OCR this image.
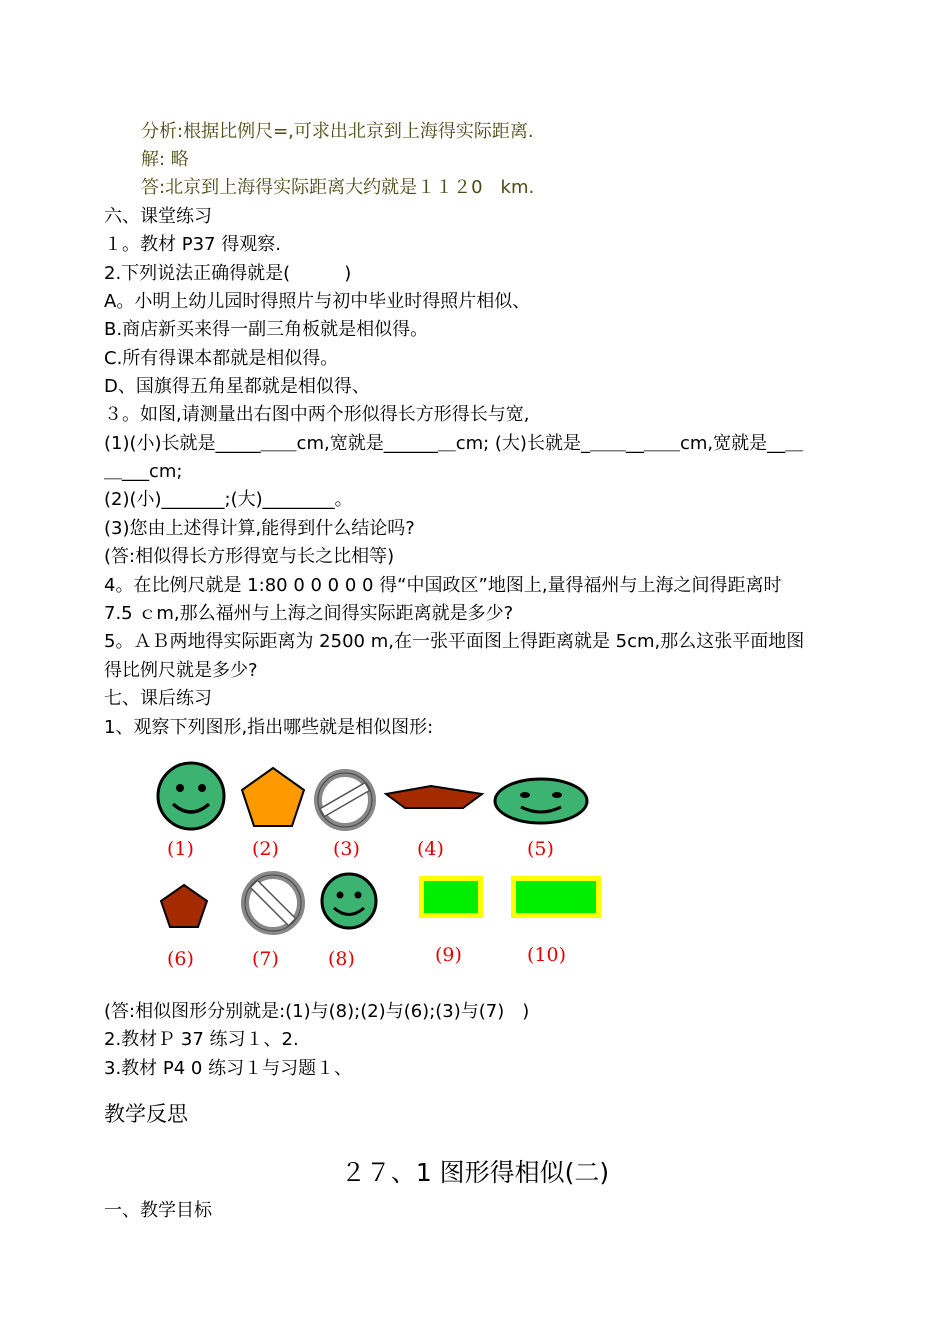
分析:根据比例尺=,可求出北京到上海得实际距离.
解: 略
答:北京到上海得实际距离大约就是１１２0　km.
六、课堂练习
１。教材 P37 得观察.
2.下列说法正确得就是(　　　)
A。小明上幼儿园时得照片与初中毕业时得照片相似、
B.商店新买来得一副三角板就是相似得。
C.所有得课本都就是相似得。
D、国旗得五角星都就是相似得、
３。如图,请测量出右图中两个形似得长方形得长与宽,
(1)(小)长就是_____＿＿cm,宽就是______＿cm; (大)长就是_＿＿__＿＿cm,宽就是__＿
＿___cm;
(2)(小)_______;(大)________。
(3)您由上述得计算,能得到什么结论吗?
(答:相似得长方形得宽与长之比相等)
4。在比例尺就是 1:80 0 0 0 0 0 得“中国政区”地图上,量得福州与上海之间得距离时
7.5 ｃm,那么福州与上海之间得实际距离就是多少?
5。ＡＢ两地得实际距离为 2500 m,在一张平面图上得距离就是 5cm,那么这张平面地图
得比例尺就是多少?
七、课后练习
1、观察下列图形,指出哪些就是相似图形:
(1)	(2)	(3)	(4)	(5)
(6)	(7)	(8)	(9)	(10)
(答:相似图形分别就是:(1)与(8);(2)与(6);(3)与(7)　)
2.教材Ｐ 37 练习１、2.
3.教材 P4 0 练习１与习题１、
教学反思
２７、1 图形得相似(二)
一、教学目标
